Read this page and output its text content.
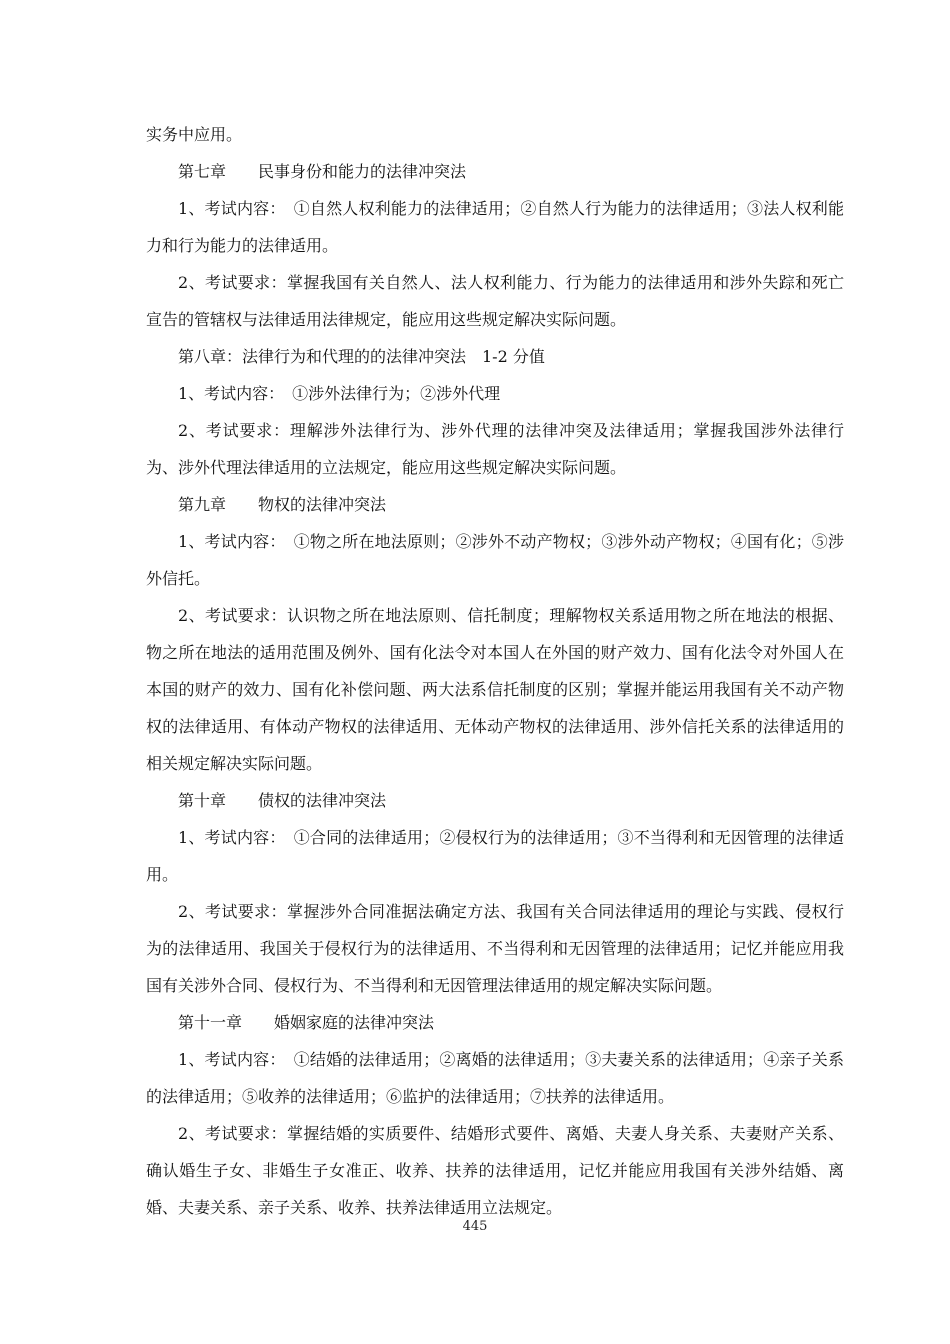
实务中应用。

第七章　　民事身份和能力的法律冲突法

1、考试内容：　①自然人权利能力的法律适用；②自然人行为能力的法律适用；③法人权利能力和行为能力的法律适用。

2、考试要求：掌握我国有关自然人、法人权利能力、行为能力的法律适用和涉外失踪和死亡宣告的管辖权与法律适用法律规定，能应用这些规定解决实际问题。

第八章：法律行为和代理的的法律冲突法　1-2 分值

1、考试内容：　①涉外法律行为；②涉外代理

2、考试要求：理解涉外法律行为、涉外代理的法律冲突及法律适用；掌握我国涉外法律行为、涉外代理法律适用的立法规定，能应用这些规定解决实际问题。

第九章　　物权的法律冲突法

1、考试内容：　①物之所在地法原则；②涉外不动产物权；③涉外动产物权；④国有化；⑤涉外信托。

2、考试要求：认识物之所在地法原则、信托制度；理解物权关系适用物之所在地法的根据、物之所在地法的适用范围及例外、国有化法令对本国人在外国的财产效力、国有化法令对外国人在本国的财产的效力、国有化补偿问题、两大法系信托制度的区别；掌握并能运用我国有关不动产物权的法律适用、有体动产物权的法律适用、无体动产物权的法律适用、涉外信托关系的法律适用的相关规定解决实际问题。

第十章　　债权的法律冲突法

1、考试内容：　①合同的法律适用；②侵权行为的法律适用；③不当得利和无因管理的法律适用。

2、考试要求：掌握涉外合同准据法确定方法、我国有关合同法律适用的理论与实践、侵权行为的法律适用、我国关于侵权行为的法律适用、不当得利和无因管理的法律适用；记忆并能应用我国有关涉外合同、侵权行为、不当得利和无因管理法律适用的规定解决实际问题。

第十一章　　婚姻家庭的法律冲突法

1、考试内容：　①结婚的法律适用；②离婚的法律适用；③夫妻关系的法律适用；④亲子关系的法律适用；⑤收养的法律适用；⑥监护的法律适用；⑦扶养的法律适用。

2、考试要求：掌握结婚的实质要件、结婚形式要件、离婚、夫妻人身关系、夫妻财产关系、确认婚生子女、非婚生子女准正、收养、扶养的法律适用，记忆并能应用我国有关涉外结婚、离婚、夫妻关系、亲子关系、收养、扶养法律适用立法规定。

445
